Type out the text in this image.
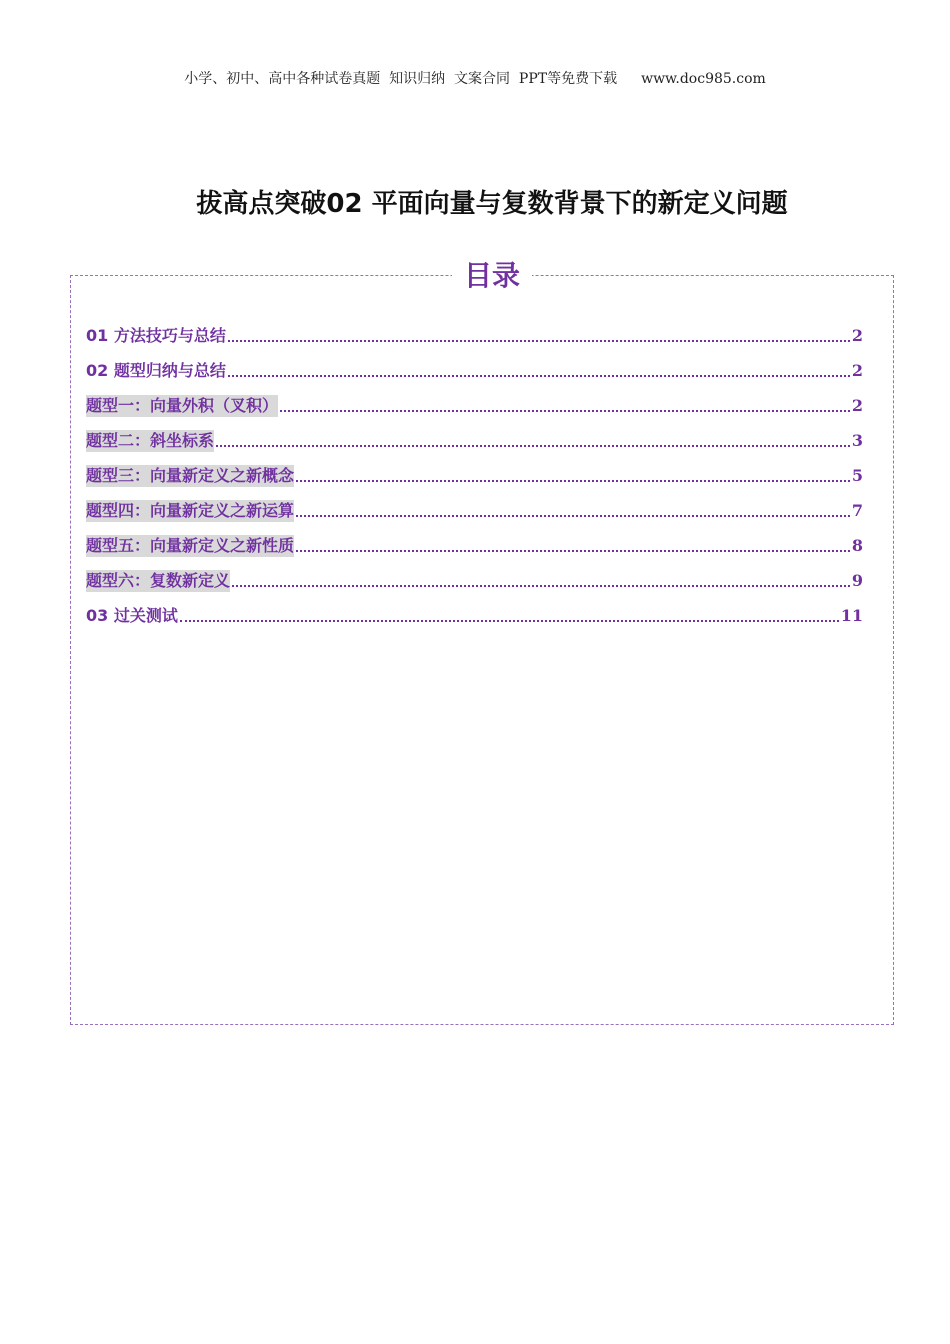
小学、初中、高中各种试卷真题  知识归纳  文案合同  PPT等免费下载 www.doc985.com
拔高点突破02 平面向量与复数背景下的新定义问题
目录
01 方法技巧与总结	2
02 题型归纳与总结	2
题型一：向量外积（叉积）	2
题型二：斜坐标系	3
题型三：向量新定义之新概念	5
题型四：向量新定义之新运算	7
题型五：向量新定义之新性质	8
题型六：复数新定义	9
03 过关测试	11
